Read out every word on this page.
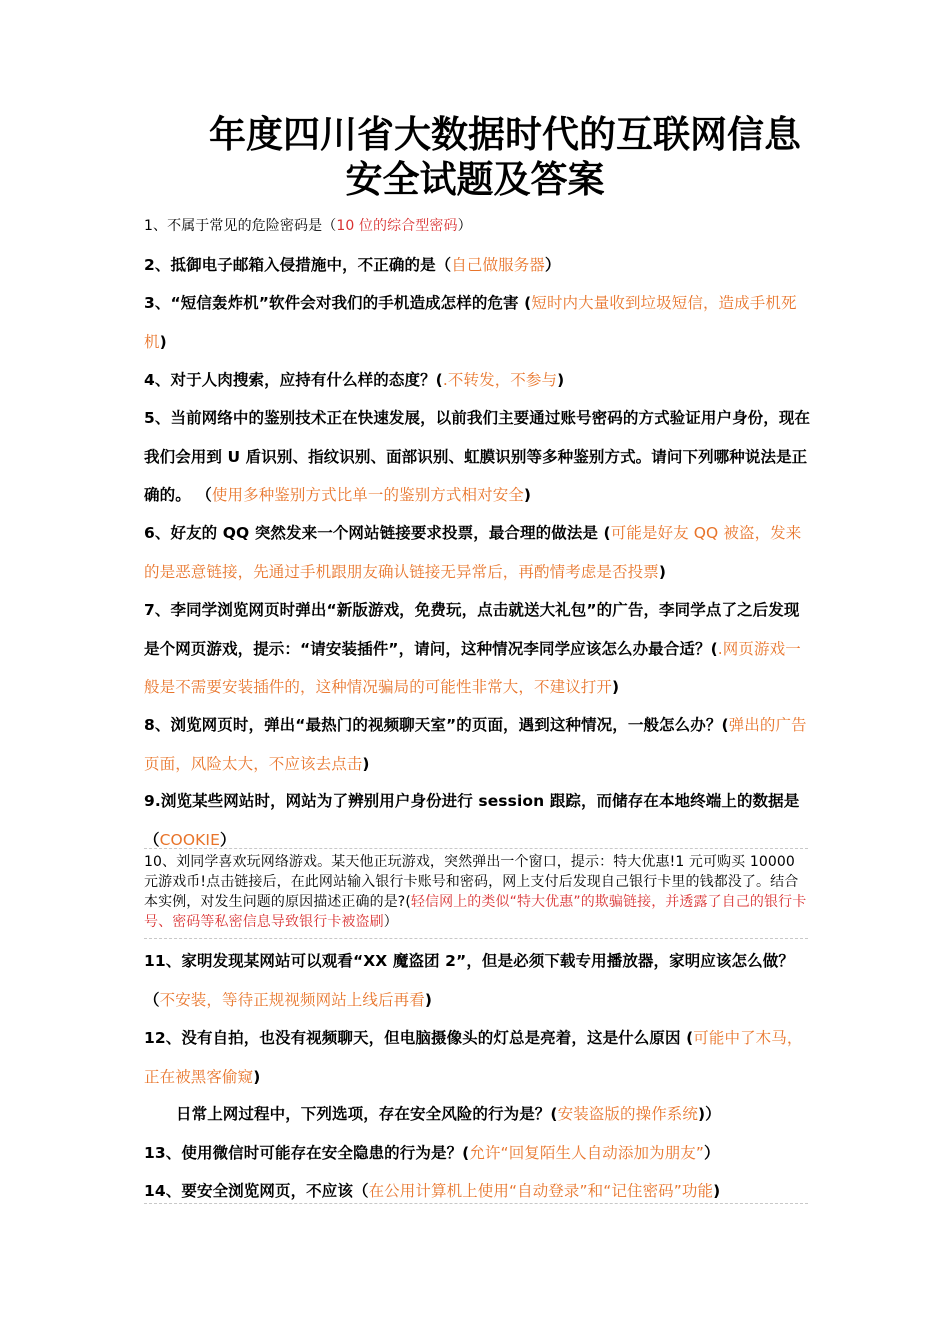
年度四川省大数据时代的互联网信息
安全试题及答案
1、不属于常见的危险密码是（10 位的综合型密码）
2、抵御电子邮箱入侵措施中，不正确的是（自己做服务器）
3、“短信轰炸机”软件会对我们的手机造成怎样的危害 (短时内大量收到垃圾短信，造成手机死机)
4、对于人肉搜索，应持有什么样的态度？(.不转发，不参与)
5、当前网络中的鉴别技术正在快速发展，以前我们主要通过账号密码的方式验证用户身份，现在我们会用到 U 盾识别、指纹识别、面部识别、虹膜识别等多种鉴别方式。请问下列哪种说法是正确的。 （使用多种鉴别方式比单一的鉴别方式相对安全)
6、好友的 QQ 突然发来一个网站链接要求投票，最合理的做法是 (可能是好友 QQ 被盗，发来的是恶意链接，先通过手机跟朋友确认链接无异常后，再酌情考虑是否投票)
7、李同学浏览网页时弹出“新版游戏，免费玩，点击就送大礼包”的广告，李同学点了之后发现是个网页游戏，提示：“请安装插件”，请问，这种情况李同学应该怎么办最合适？(.网页游戏一般是不需要安装插件的，这种情况骗局的可能性非常大，不建议打开)
8、浏览网页时，弹出“最热门的视频聊天室”的页面，遇到这种情况，一般怎么办？(弹出的广告页面，风险太大，不应该去点击)
9.浏览某些网站时，网站为了辨别用户身份进行 session 跟踪，而储存在本地终端上的数据是（COOKIE）
10、刘同学喜欢玩网络游戏。某天他正玩游戏，突然弹出一个窗口，提示：特大优惠!1 元可购买 10000 元游戏币!点击链接后，在此网站输入银行卡账号和密码，网上支付后发现自己银行卡里的钱都没了。结合本实例，对发生问题的原因描述正确的是?(轻信网上的类似“特大优惠”的欺骗链接，并透露了自己的银行卡号、密码等私密信息导致银行卡被盗刷）
11、家明发现某网站可以观看“XX 魔盗团 2”，但是必须下载专用播放器，家明应该怎么做？（不安装，等待正规视频网站上线后再看)
12、没有自拍，也没有视频聊天，但电脑摄像头的灯总是亮着，这是什么原因 (可能中了木马，正在被黑客偷窥)
日常上网过程中，下列选项，存在安全风险的行为是？(安装盗版的操作系统)）
13、使用微信时可能存在安全隐患的行为是？(允许“回复陌生人自动添加为朋友”）
14、要安全浏览网页，不应该（在公用计算机上使用“自动登录”和“记住密码”功能)
